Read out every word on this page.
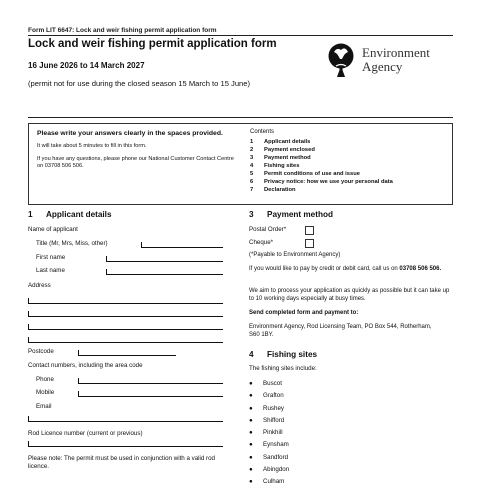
Form LIT 6647: Lock and weir fishing permit application form
Lock and weir fishing permit application form
16 June 2026 to 14 March 2027
(permit not for use during the closed season 15 March to 15 June)
Environment
Agency
Please write your answers clearly in the spaces provided.
It will take about 5 minutes to fill in this form.
If you have any questions, please phone our National Customer Contact Centre on 03708 506 506.
Contents
1 Applicant details
2 Payment enclosed
3 Payment method
4 Fishing sites
5 Permit conditions of use and issue
6 Privacy notice: how we use your personal data
7 Declaration
1 Applicant details
Name of applicant
Title (Mr, Mrs, Miss, other)
First name
Last name
Address
Postcode
Contact numbers, including the area code
Phone
Mobile
Email
Rod Licence number (current or previous)
Please note: The permit must be used in conjunction with a valid rod licence.
3 Payment method
Postal Order*
Cheque*
(*Payable to Environment Agency)
If you would like to pay by credit or debit card, call us on 03708 506 506.
We aim to process your application as quickly as possible but it can take up to 10 working days especially at busy times.
Send completed form and payment to:
Environment Agency, Rod Licensing Team, PO Box 544, Rotherham, S60 1BY.
4 Fishing sites
The fishing sites include:
● Buscot
● Grafton
● Rushey
● Shifford
● Pinkhill
● Eynsham
● Sandford
● Abingdon
● Culham
